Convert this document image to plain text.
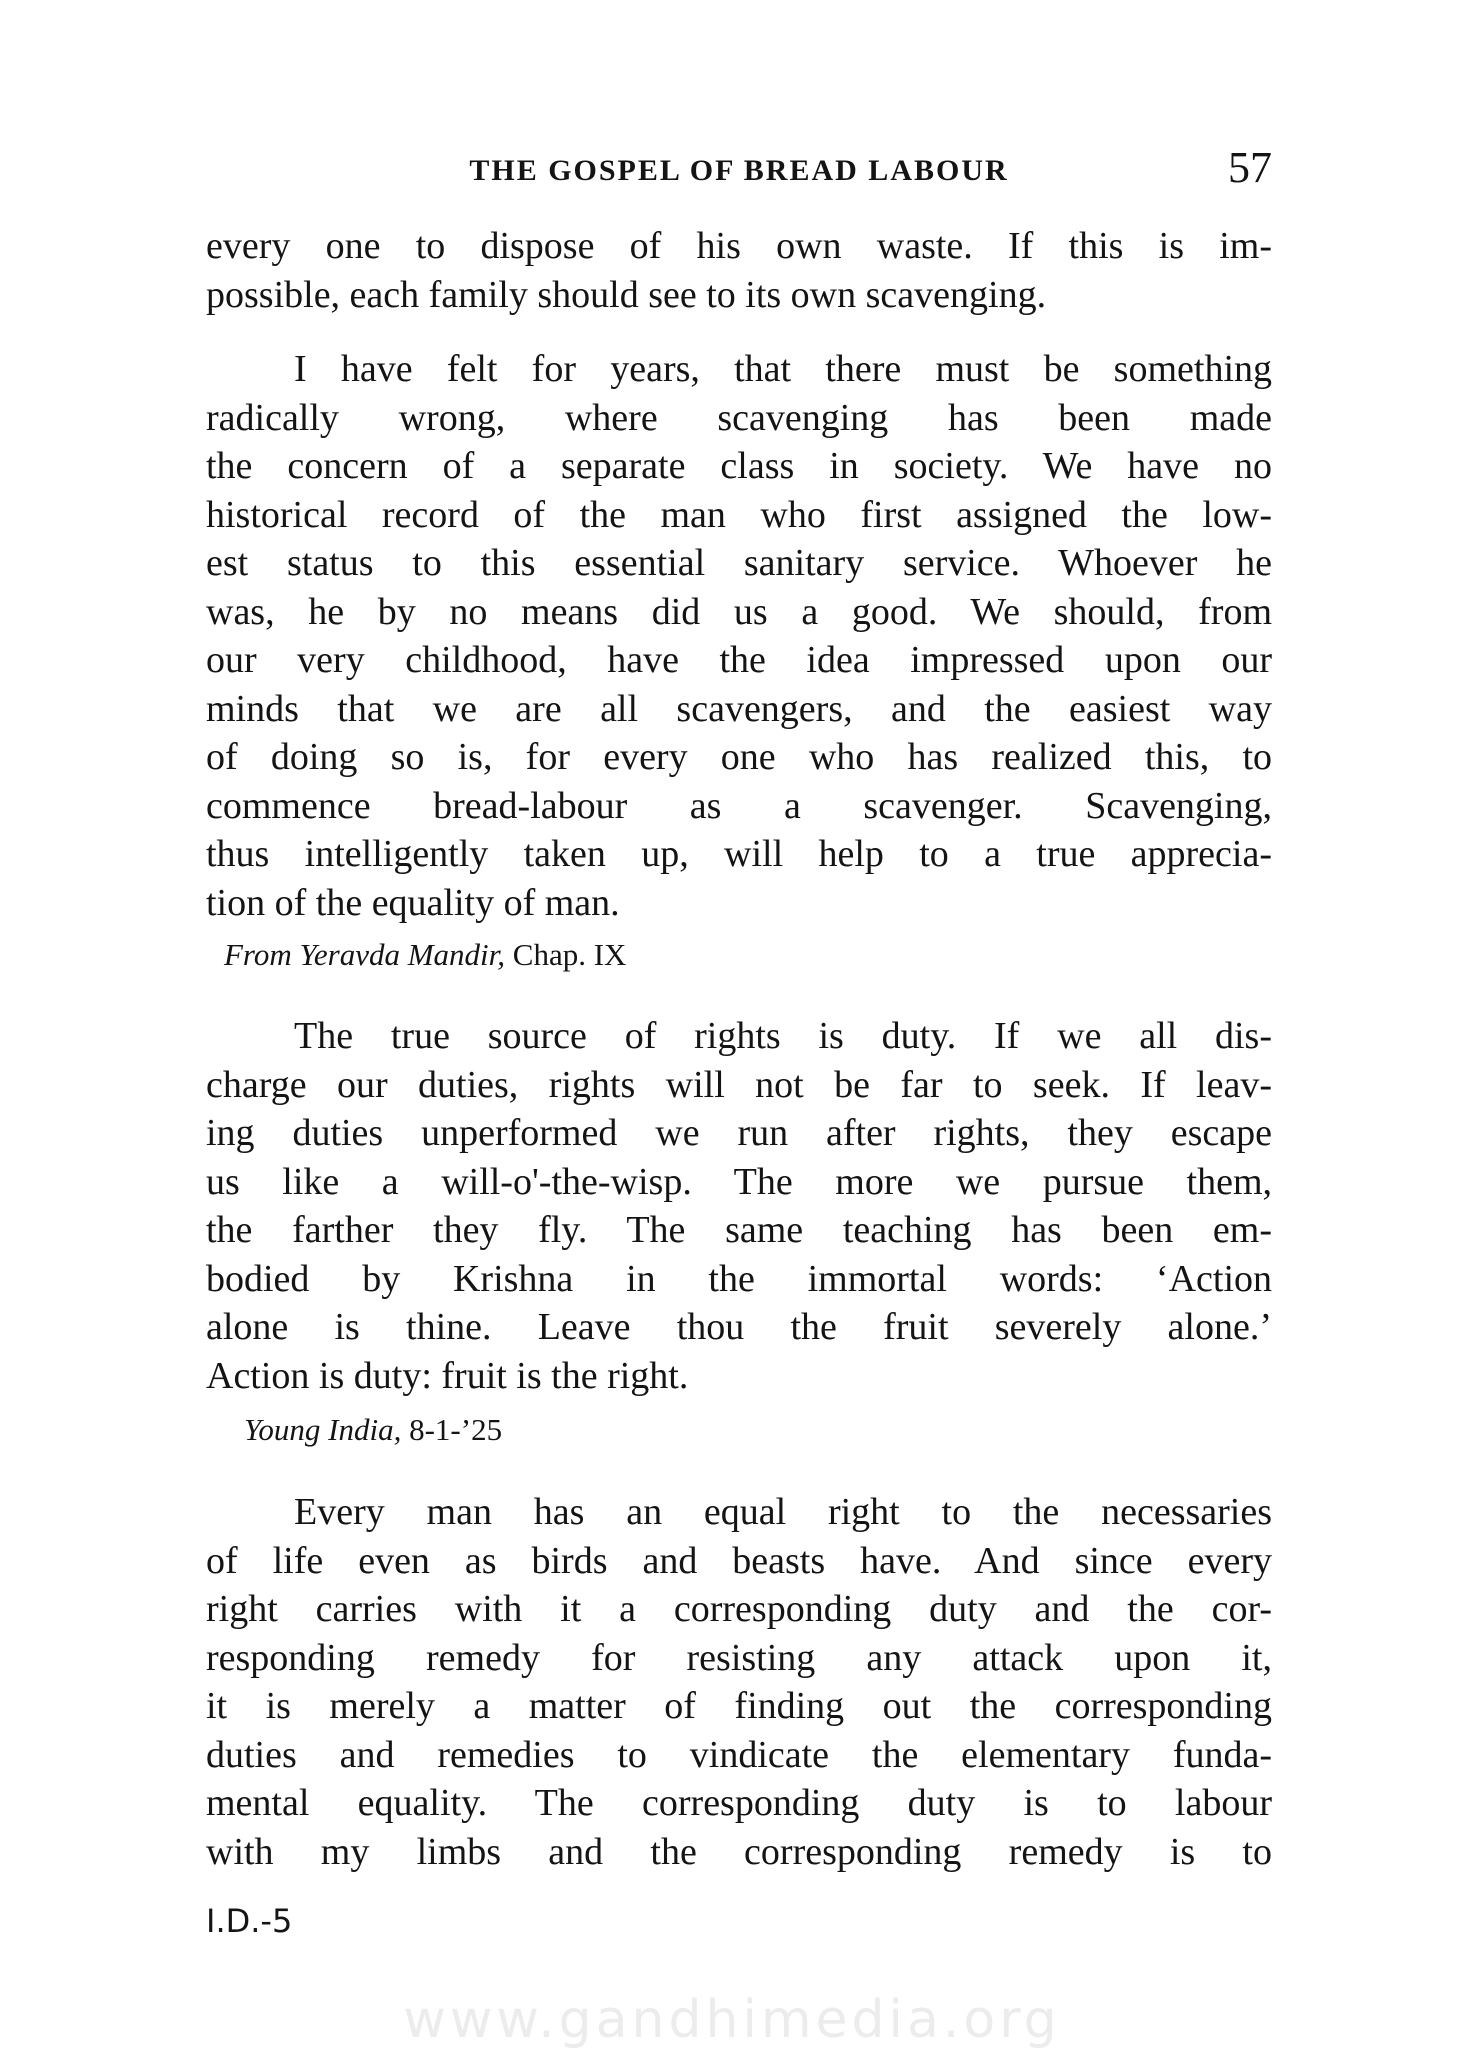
THE GOSPEL OF BREAD LABOUR	57
every one to dispose of his own waste. If this is im-
possible, each family should see to its own scavenging.
I have felt for years, that there must be something
radically wrong, where scavenging has been made
the concern of a separate class in society. We have no
historical record of the man who first assigned the low-
est status to this essential sanitary service. Whoever he
was, he by no means did us a good. We should, from
our very childhood, have the idea impressed upon our
minds that we are all scavengers, and the easiest way
of doing so is, for every one who has realized this, to
commence bread-labour as a scavenger. Scavenging,
thus intelligently taken up, will help to a true apprecia-
tion of the equality of man.
From Yeravda Mandir, Chap. IX
The true source of rights is duty. If we all dis-
charge our duties, rights will not be far to seek. If leav-
ing duties unperformed we run after rights, they escape
us like a will-o'-the-wisp. The more we pursue them,
the farther they fly. The same teaching has been em-
bodied by Krishna in the immortal words: ‘Action
alone is thine. Leave thou the fruit severely alone.’
Action is duty: fruit is the right.
Young India, 8-1-’25
Every man has an equal right to the necessaries
of life even as birds and beasts have. And since every
right carries with it a corresponding duty and the cor-
responding remedy for resisting any attack upon it,
it is merely a matter of finding out the corresponding
duties and remedies to vindicate the elementary funda-
mental equality. The corresponding duty is to labour
with my limbs and the corresponding remedy is to
I.D.-5
www.gandhimedia.org
